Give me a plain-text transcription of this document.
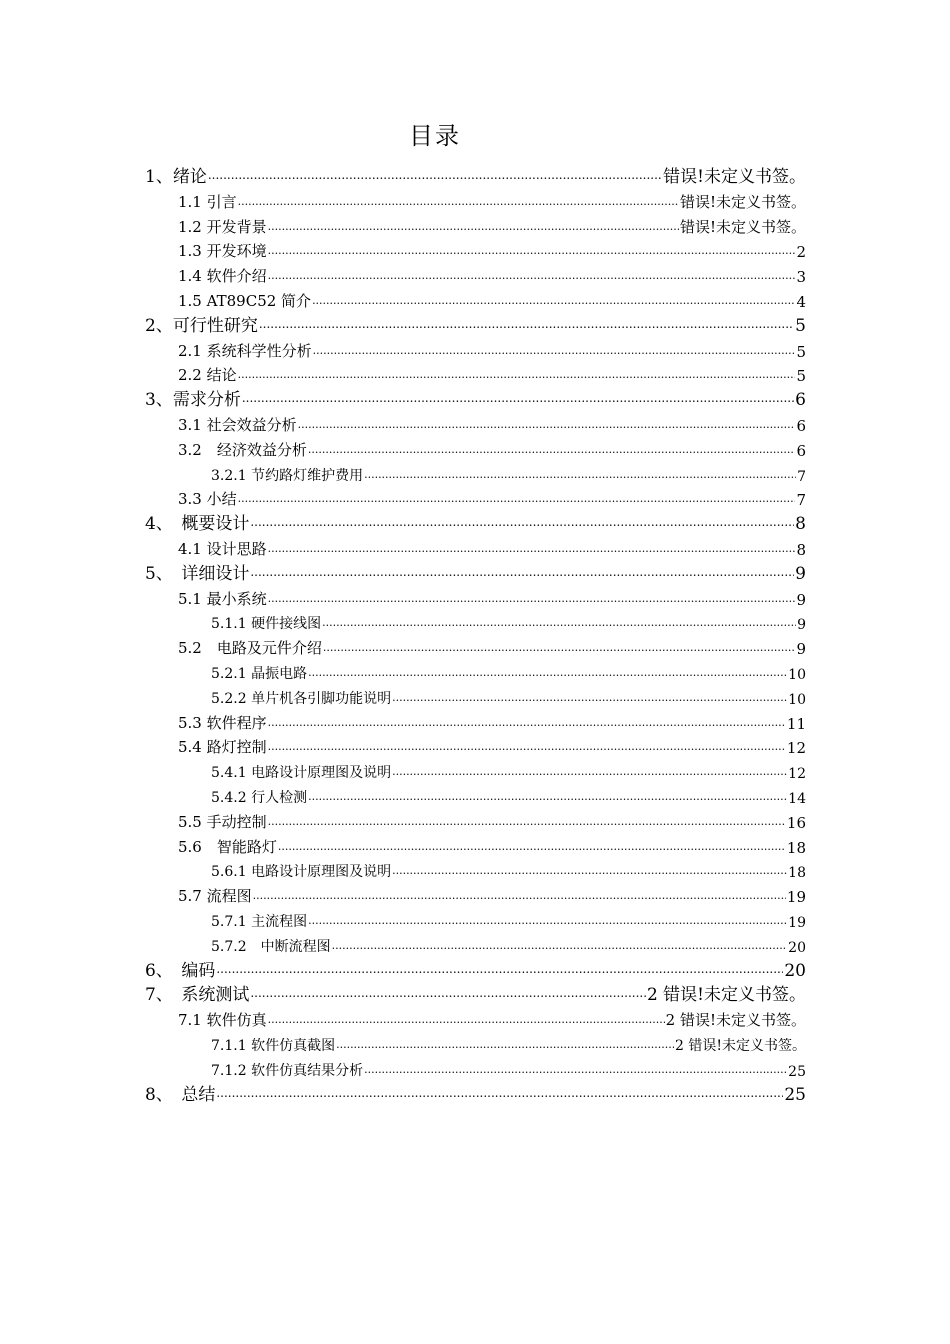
目录
1、绪论 .....	错误!未定义书签。
1.1 引言 .....	错误!未定义书签。
1.2 开发背景 .....	错误!未定义书签。
1.3 开发环境 .....	2
1.4 软件介绍 .....	3
1.5 AT89C52 简介 .....	4
2、可行性研究 .....	5
2.1 系统科学性分析 .....	5
2.2 结论 .....	5
3、需求分析 .....	6
3.1 社会效益分析 .....	6
3.2　经济效益分析 .....	6
3.2.1 节约路灯维护费用 .....	7
3.3 小结 .....	7
4、　概要设计 .....	8
4.1 设计思路 .....	8
5、　详细设计 .....	9
5.1 最小系统 .....	9
5.1.1 硬件接线图 .....	9
5.2　电路及元件介绍 .....	9
5.2.1 晶振电路 .....	10
5.2.2 单片机各引脚功能说明 .....	10
5.3 软件程序 .....	11
5.4 路灯控制 .....	12
5.4.1 电路设计原理图及说明 .....	12
5.4.2 行人检测 .....	14
5.5 手动控制 .....	16
5.6　智能路灯 .....	18
5.6.1 电路设计原理图及说明 .....	18
5.7 流程图 .....	19
5.7.1 主流程图 .....	19
5.7.2　中断流程图 .....	20
6、　编码 .....	20
7、　系统测试 .....	2 错误!未定义书签。
7.1 软件仿真 .....	2 错误!未定义书签。
7.1.1 软件仿真截图 .....	2 错误!未定义书签。
7.1.2 软件仿真结果分析 .....	25
8、　总结 .....	25
